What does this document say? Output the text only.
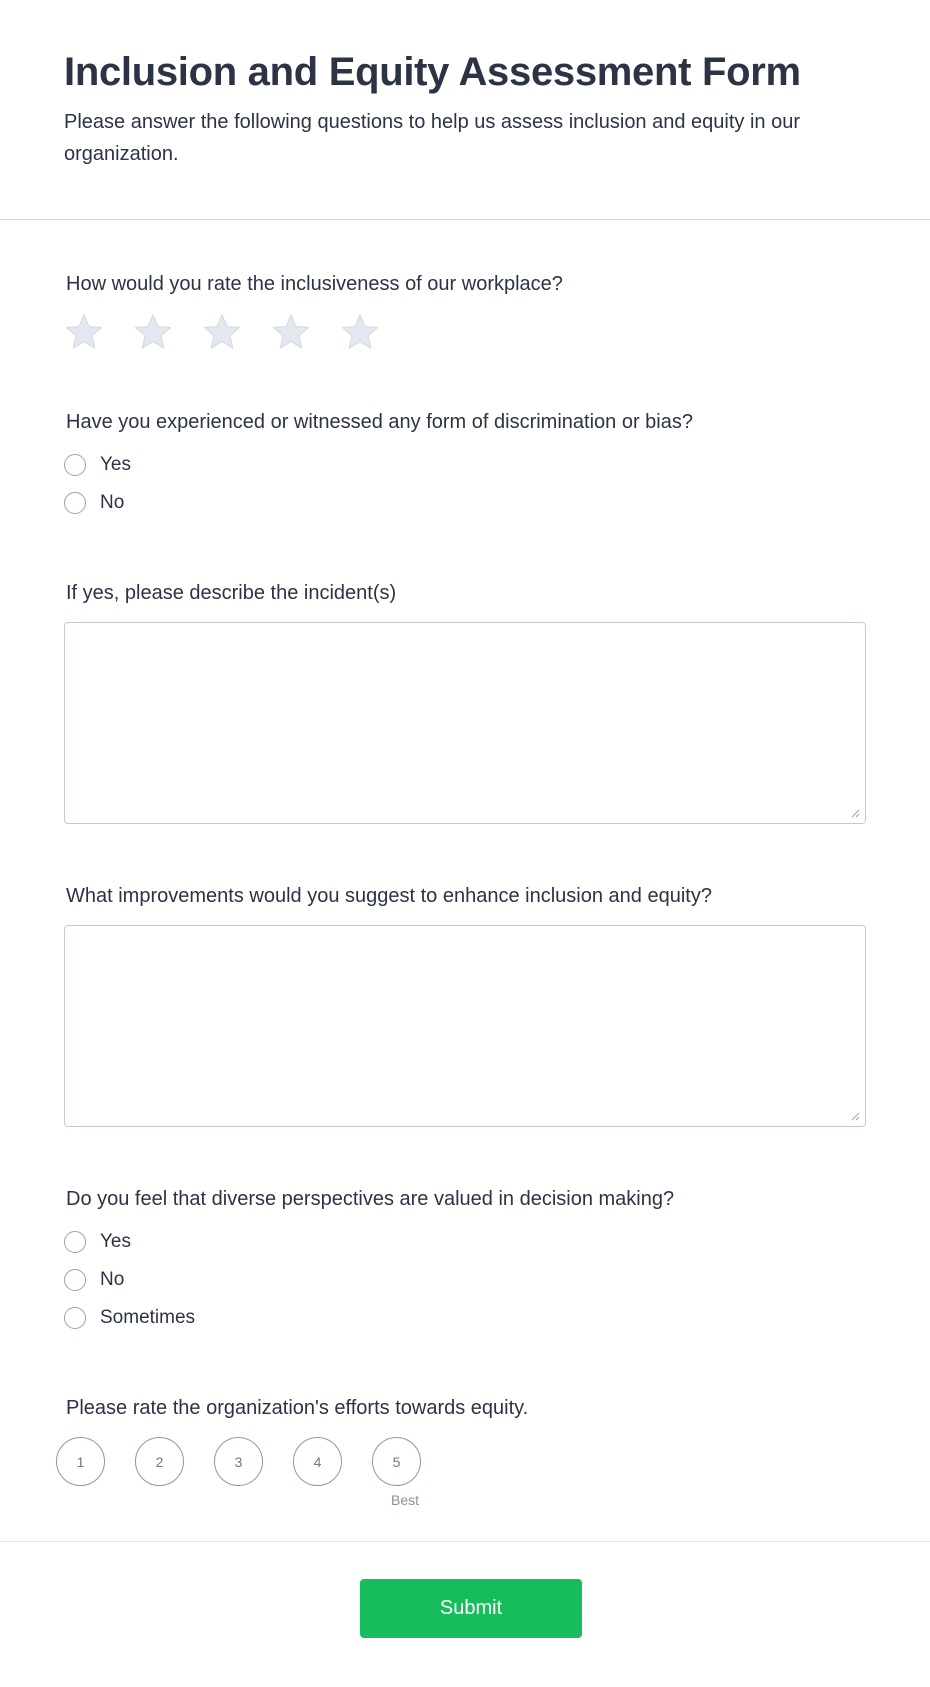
Inclusion and Equity Assessment Form

Please answer the following questions to help us assess inclusion and equity in our organization.

How would you rate the inclusiveness of our workplace?

Have you experienced or witnessed any form of discrimination or bias?

Yes
No

If yes, please describe the incident(s)

What improvements would you suggest to enhance inclusion and equity?

Do you feel that diverse perspectives are valued in decision making?

Yes
No
Sometimes

Please rate the organization's efforts towards equity.

1	2	3	4	5
Best
Submit
